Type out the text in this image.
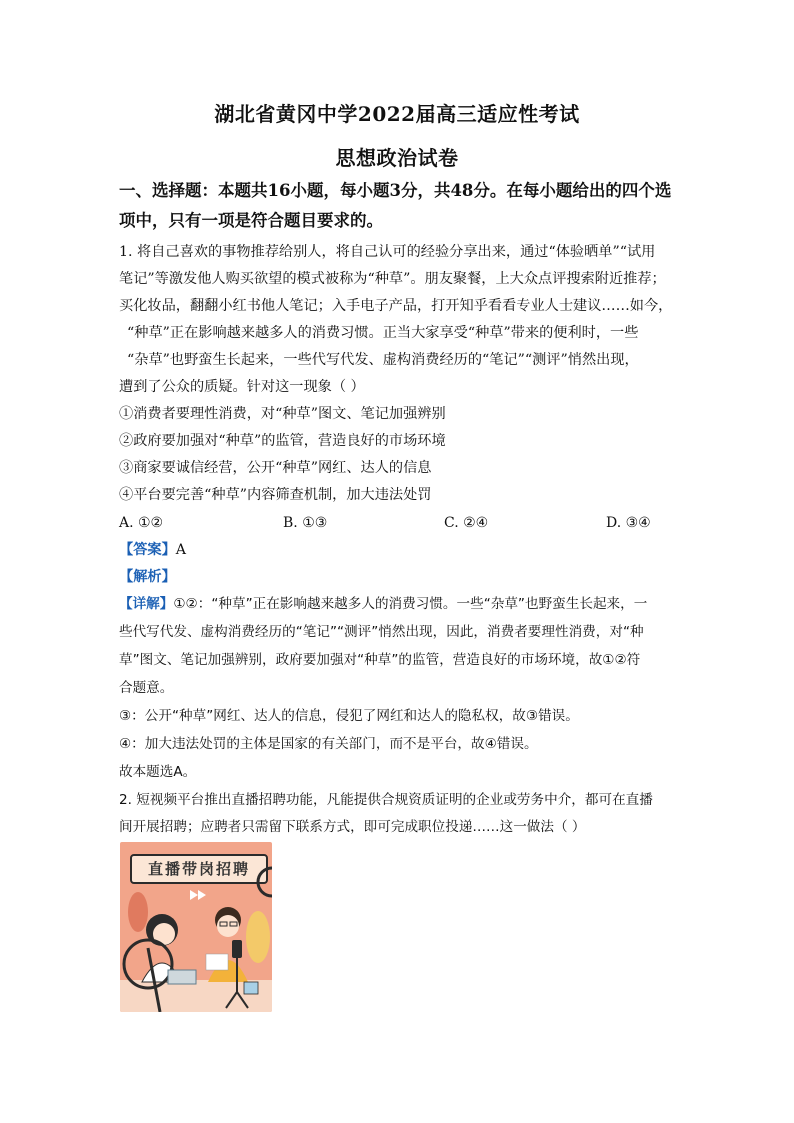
湖北省黄冈中学2022届高三适应性考试
思想政治试卷
一、选择题：本题共16小题，每小题3分，共48分。在每小题给出的四个选
项中，只有一项是符合题目要求的。
1. 将自己喜欢的事物推荐给别人，将自己认可的经验分享出来，通过“体验晒单”“试用
笔记”等激发他人购买欲望的模式被称为“种草”。朋友聚餐，上大众点评搜索附近推荐；
买化妆品，翻翻小红书他人笔记；入手电子产品，打开知乎看看专业人士建议……如今，
“种草”正在影响越来越多人的消费习惯。正当大家享受“种草”带来的便利时，一些
“杂草”也野蛮生长起来，一些代写代发、虚构消费经历的“笔记”“测评”悄然出现，
遭到了公众的质疑。针对这一现象（ ）
①消费者要理性消费，对“种草”图文、笔记加强辨别
②政府要加强对“种草”的监管，营造良好的市场环境
③商家要诚信经营，公开“种草”网红、达人的信息
④平台要完善“种草”内容筛查机制，加大违法处罚
A. ①②	B. ①③	C. ②④	D. ③④
【答案】A
【解析】
【详解】①②：“种草”正在影响越来越多人的消费习惯。一些“杂草”也野蛮生长起来，一
些代写代发、虚构消费经历的“笔记”“测评”悄然出现，因此，消费者要理性消费，对“种
草”图文、笔记加强辨别，政府要加强对“种草”的监管，营造良好的市场环境，故①②符
合题意。
③：公开“种草”网红、达人的信息，侵犯了网红和达人的隐私权，故③错误。
④：加大违法处罚的主体是国家的有关部门，而不是平台，故④错误。
故本题选A。
2. 短视频平台推出直播招聘功能，凡能提供合规资质证明的企业或劳务中介，都可在直播
间开展招聘；应聘者只需留下联系方式，即可完成职位投递……这一做法（ ）
直播带岗招聘
